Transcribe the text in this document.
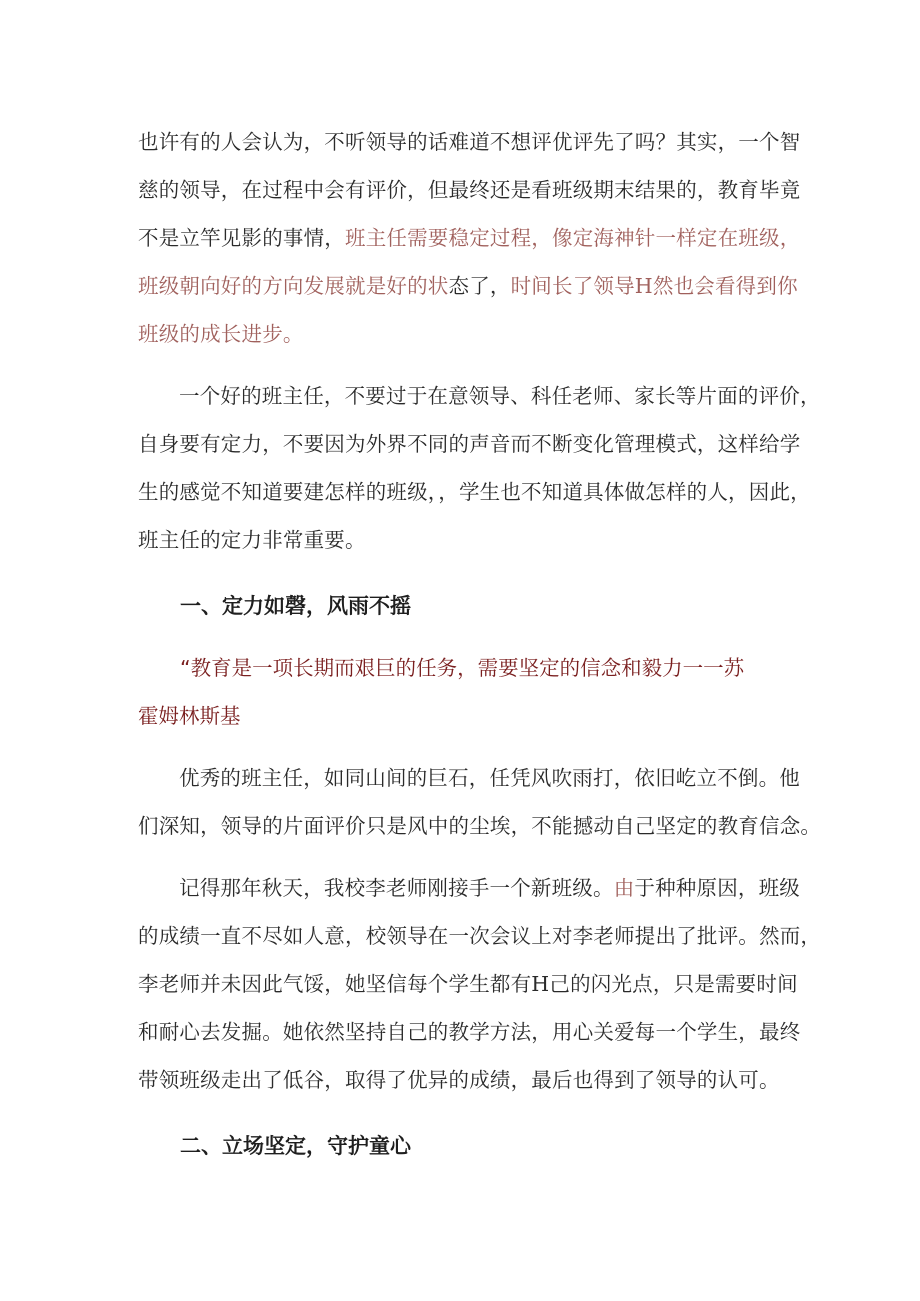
也许有的人会认为，不听领导的话难道不想评优评先了吗？其实，一个智
慈的领导，在过程中会有评价，但最终还是看班级期末结果的，教育毕竟
不是立竿见影的事情，班主任需要稳定过程，像定海神针一样定在班级，
班级朝向好的方向发展就是好的状态了，时间长了领导H然也会看得到你
班级的成长进步。

一个好的班主任，不要过于在意领导、科任老师、家长等片面的评价，
自身要有定力，不要因为外界不同的声音而不断变化管理模式，这样给学
生的感觉不知道要建怎样的班级，，学生也不知道具体做怎样的人，因此，
班主任的定力非常重要。

一、定力如磬，风雨不摇

“教育是一项长期而艰巨的任务，需要坚定的信念和毅力一一苏
霍姆林斯基

优秀的班主任，如同山间的巨石，任凭风吹雨打，依旧屹立不倒。他
们深知，领导的片面评价只是风中的尘埃，不能撼动自己坚定的教育信念。

记得那年秋天，我校李老师刚接手一个新班级。由于种种原因，班级
的成绩一直不尽如人意，校领导在一次会议上对李老师提出了批评。然而，
李老师并未因此气馁，她坚信每个学生都有H己的闪光点，只是需要时间
和耐心去发掘。她依然坚持自己的教学方法，用心关爱每一个学生，最终
带领班级走出了低谷，取得了优异的成绩，最后也得到了领导的认可。

二、立场坚定，守护童心
